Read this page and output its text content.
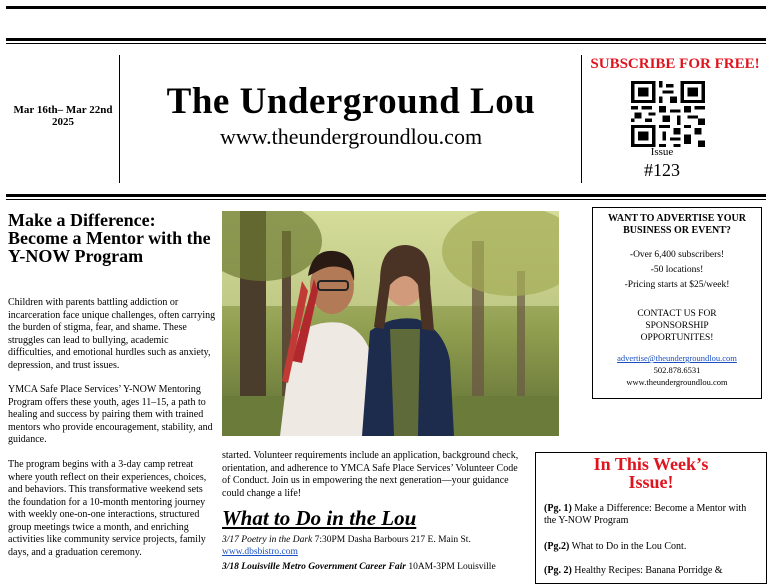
Mar 16th– Mar 22nd 2025	The Underground Lou
www.theundergroundlou.com
SUBSCRIBE FOR FREE!
Issue
#123
Make a Difference: Become a Mentor with the Y-NOW Program
Children with parents battling addiction or incarceration face unique challenges, often carrying the burden of stigma, fear, and shame. These struggles can lead to bullying, academic difficulties, and emotional hurdles such as anxiety, depression, and trust issues.
YMCA Safe Place Services’ Y-NOW Mentoring Program offers these youth, ages 11–15, a path to healing and success by pairing them with trained mentors who provide encouragement, stability, and guidance.
The program begins with a 3-day camp retreat where youth reflect on their experiences, choices, and behaviors. This transformative weekend sets the foundation for a 10-month mentoring journey with weekly one-on-one interactions, structured group meetings twice a month, and enriching activities like community service projects, family days, and a graduation ceremony.
started. Volunteer requirements include an application, background check, orientation, and adherence to YMCA Safe Place Services’ Volunteer Code of Conduct. Join us in empowering the next generation—your guidance could change a life!
What to Do in the Lou
3/17 Poetry in the Dark 7:30PM Dasha Barbours 217 E. Main St.
www.dbsbistro.com
3/18 Louisville Metro Government Career Fair 10AM-3PM Louisville
WANT TO ADVERTISE YOUR BUSINESS OR EVENT?
-Over 6,400 subscribers!
-50 locations!
-Pricing starts at $25/week!
CONTACT US FOR SPONSORSHIP OPPORTUNITES!
advertise@theundergroundlou.com
502.878.6531
www.theundergroundlou.com
In This Week’s Issue!
(Pg. 1) Make a Difference: Become a Mentor with the Y-NOW Program
(Pg.2) What to Do in the Lou Cont.
(Pg. 2) Healthy Recipes: Banana Porridge &
